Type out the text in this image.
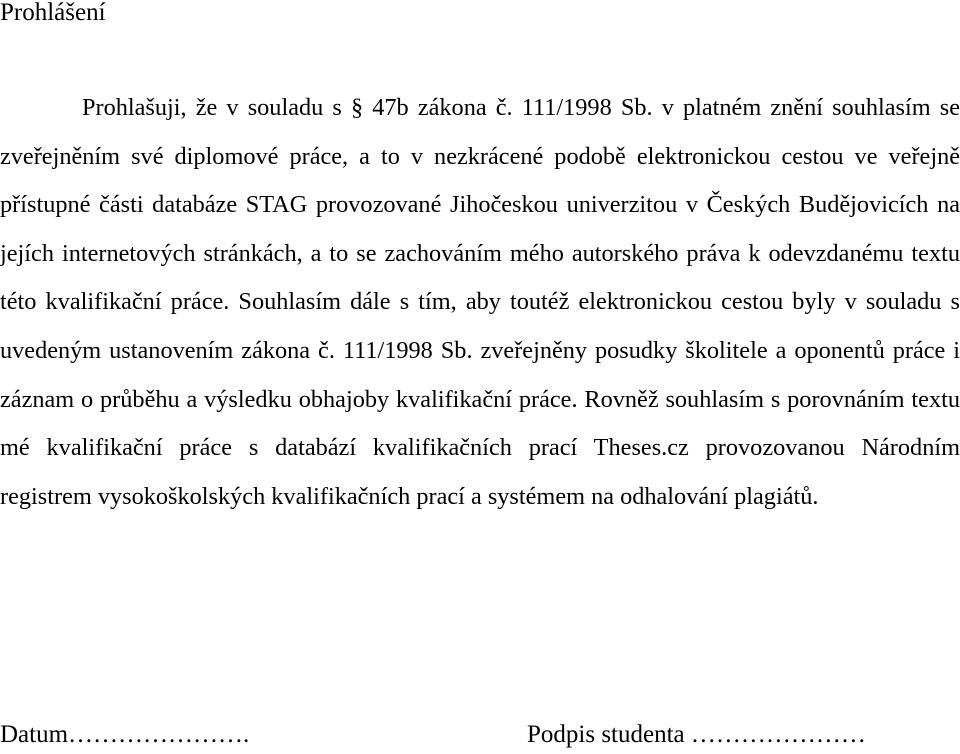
Prohlášení

Prohlašuji, že v souladu s § 47b zákona č. 111/1998 Sb. v platném znění souhlasím se zveřejněním své diplomové práce, a to v nezkrácené podobě elektronickou cestou ve veřejně přístupné části databáze STAG provozované Jihočeskou univerzitou v Českých Budějovicích na jejích internetových stránkách, a to se zachováním mého autorského práva k odevzdanému textu této kvalifikační práce. Souhlasím dále s tím, aby toutéž elektronickou cestou byly v souladu s uvedeným ustanovením zákona č. 111/1998 Sb. zveřejněny posudky školitele a oponentů práce i záznam o průběhu a výsledku obhajoby kvalifikační práce. Rovněž souhlasím s porovnáním textu mé kvalifikační práce s databází kvalifikačních prací Theses.cz provozovanou Národním registrem vysokoškolských kvalifikačních prací a systémem na odhalování plagiátů.

Datum………………….	Podpis studenta …………………
